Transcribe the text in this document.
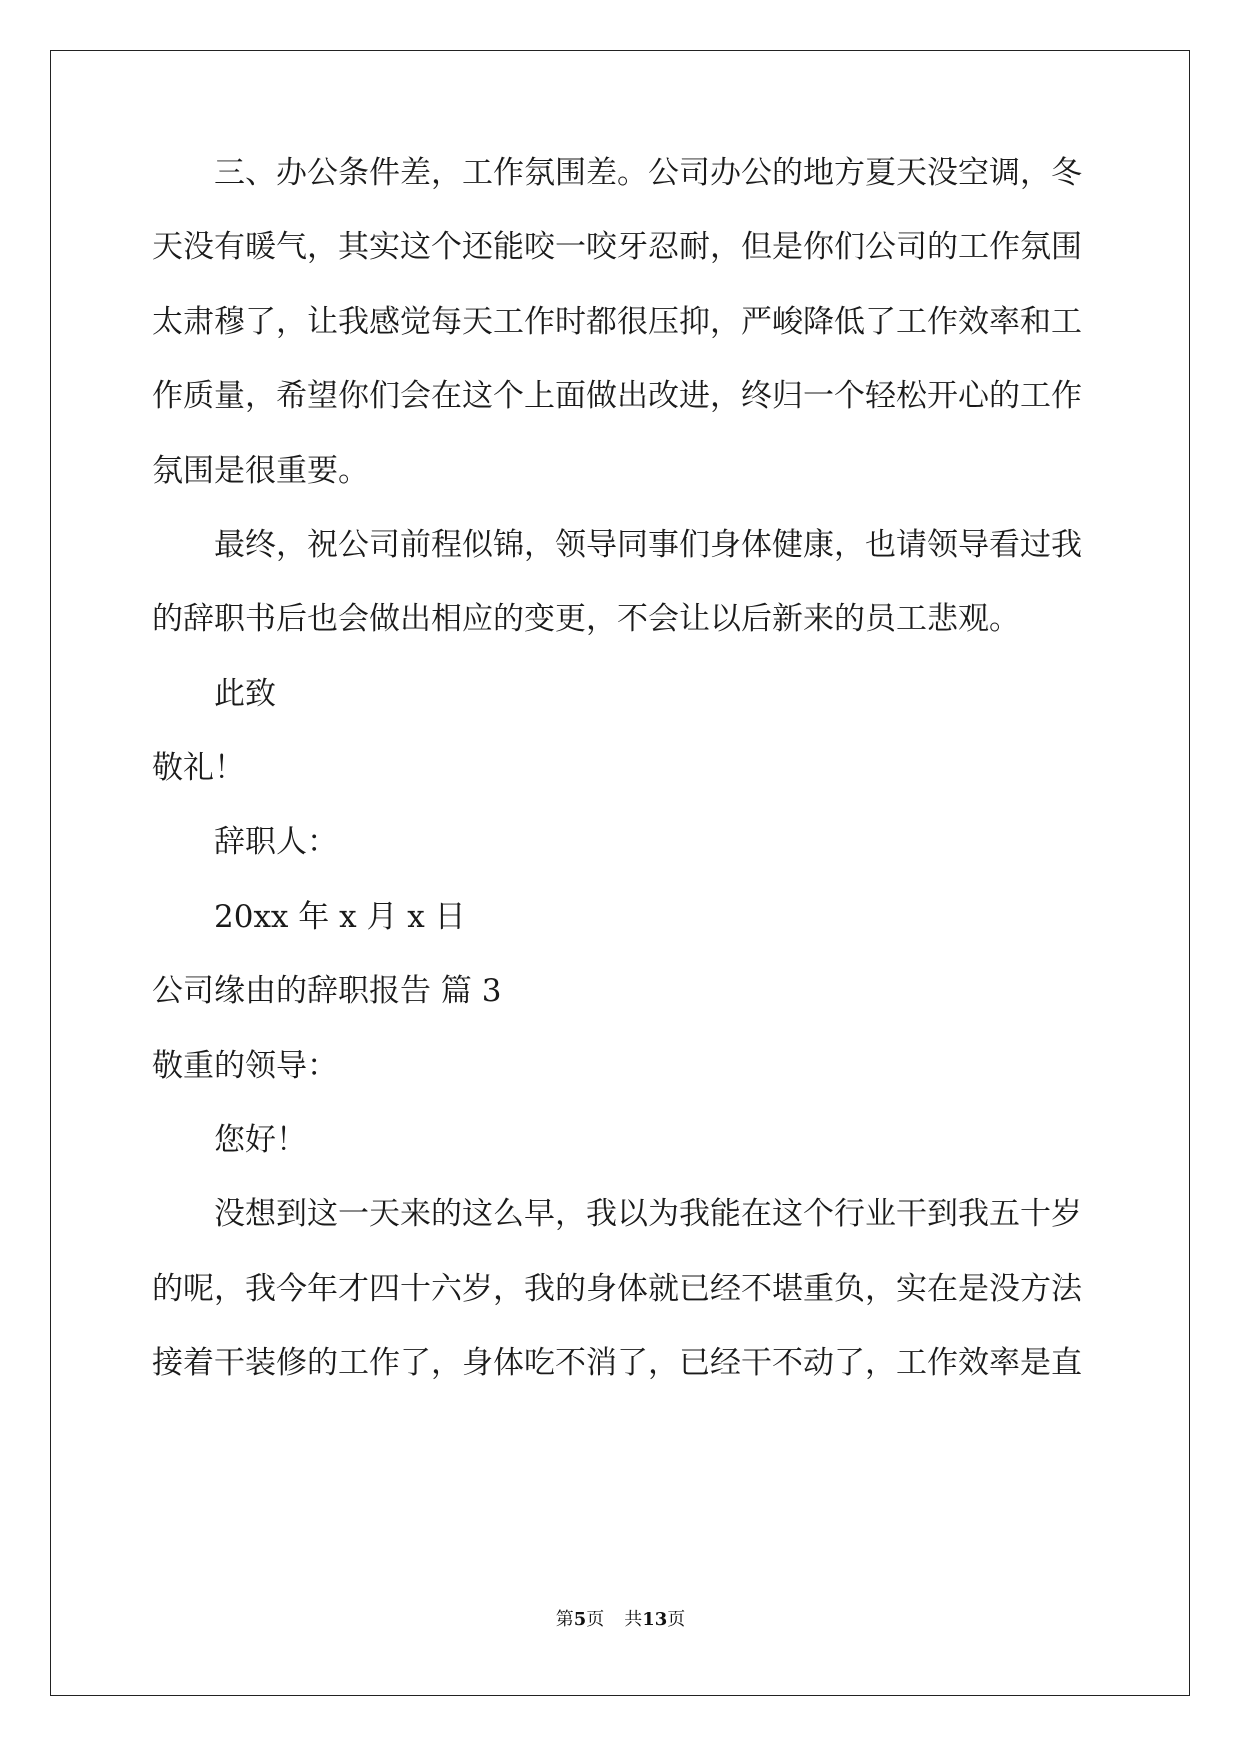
三、办公条件差，工作氛围差。公司办公的地方夏天没空调，冬
天没有暖气，其实这个还能咬一咬牙忍耐，但是你们公司的工作氛围
太肃穆了，让我感觉每天工作时都很压抑，严峻降低了工作效率和工
作质量，希望你们会在这个上面做出改进，终归一个轻松开心的工作
氛围是很重要。
最终，祝公司前程似锦，领导同事们身体健康，也请领导看过我
的辞职书后也会做出相应的变更，不会让以后新来的员工悲观。
此致
敬礼！
辞职人：
20xx 年 x 月 x 日
公司缘由的辞职报告 篇 3
敬重的领导：
您好！
没想到这一天来的这么早，我以为我能在这个行业干到我五十岁
的呢，我今年才四十六岁，我的身体就已经不堪重负，实在是没方法
接着干装修的工作了，身体吃不消了，已经干不动了，工作效率是直
第5页 共13页
